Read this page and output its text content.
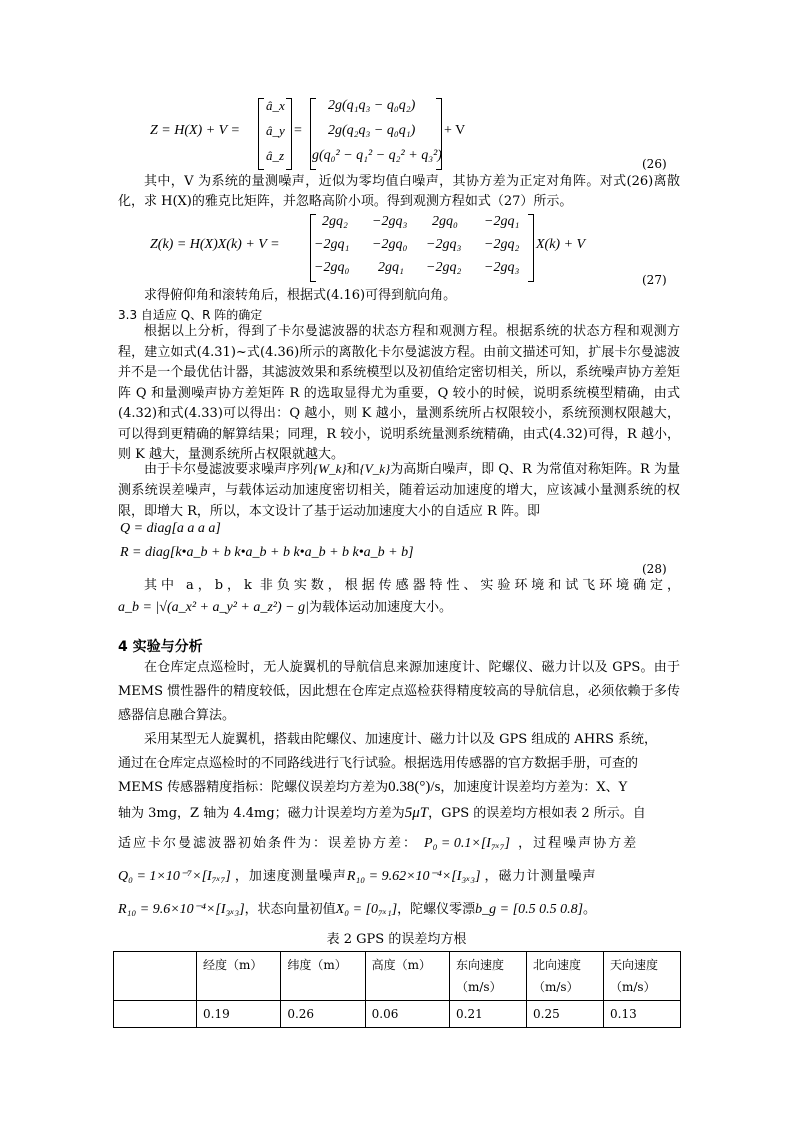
Z = H(X) + V =
â_x
â_y
â_z
=
2g(q₁q₃ − q₀q₂)
2g(q₂q₃ − q₀q₁)
g(q₀² − q₁² − q₂² + q₃²)
+ V
(26)
其中，V 为系统的量测噪声，近似为零均值白噪声，其协方差为正定对角阵。对式(26)离散化，求 H(X)的雅克比矩阵，并忽略高阶小项。得到观测方程如式（27）所示。
Z(k) = H(X)X(k) + V =
2gq₂ −2gq₃ 2gq₀ −2gq₁
−2gq₁ −2gq₀ −2gq₃ −2gq₂
−2gq₀ 2gq₁ −2gq₂ −2gq₃
X(k) + V
(27)
求得俯仰角和滚转角后，根据式(4.16)可得到航向角。
3.3 自适应 Q、R 阵的确定
根据以上分析，得到了卡尔曼滤波器的状态方程和观测方程。根据系统的状态方程和观测方程，建立如式(4.31)~式(4.36)所示的离散化卡尔曼滤波方程。由前文描述可知，扩展卡尔曼滤波并不是一个最优估计器，其滤波效果和系统模型以及初值给定密切相关，所以，系统噪声协方差矩阵 Q 和量测噪声协方差矩阵 R 的选取显得尤为重要，Q 较小的时候，说明系统模型精确，由式(4.32)和式(4.33)可以得出：Q 越小，则 K 越小，量测系统所占权限较小，系统预测权限越大，可以得到更精确的解算结果；同理，R 较小，说明系统量测系统精确，由式(4.32)可得，R 越小，则 K 越大，量测系统所占权限就越大。
由于卡尔曼滤波要求噪声序列{W_k}和{V_k}为高斯白噪声，即 Q、R 为常值对称矩阵。R 为量测系统误差噪声，与载体运动加速度密切相关，随着运动加速度的增大，应该减小量测系统的权限，即增大 R，所以，本文设计了基于运动加速度大小的自适应 R 阵。即
Q = diag[a a a a]
R = diag[k•a_b + b k•a_b + b k•a_b + b k•a_b + b]
(28)
其中 a，b，k 非负实数，根据传感器特性、实验环境和试飞环境确定，
a_b = |√(a_x² + a_y² + a_z²) − g|为载体运动加速度大小。
4 实验与分析
在仓库定点巡检时，无人旋翼机的导航信息来源加速度计、陀螺仪、磁力计以及 GPS。由于 MEMS 惯性器件的精度较低，因此想在仓库定点巡检获得精度较高的导航信息，必须依赖于多传感器信息融合算法。
采用某型无人旋翼机，搭载由陀螺仪、加速度计、磁力计以及 GPS 组成的 AHRS 系统，
通过在仓库定点巡检时的不同路线进行飞行试验。根据选用传感器的官方数据手册，可查的
MEMS 传感器精度指标：陀螺仪误差均方差为0.38(°)/s，加速度计误差均方差为：X、Y
轴为 3mg，Z 轴为 4.4mg；磁力计误差均方差为5μT，GPS 的误差均方根如表 2 所示。自
适应卡尔曼滤波器初始条件为：误差协方差： P₀ = 0.1×[I₇ₓ₇] ，过程噪声协方差
Q₀ = 1×10⁻⁷×[I₇ₓ₇] ，加速度测量噪声R₁₀ = 9.62×10⁻⁴×[I₃ₓ₃] ，磁力计测量噪声
R₁₀ = 9.6×10⁻⁴×[I₃ₓ₃]，状态向量初值X₀ = [0₇ₓ₁]，陀螺仪零漂b_g = [0.5 0.5 0.8]。
表 2 GPS 的误差均方根
	经度（m）	纬度（m）	高度（m）	东向速度（m/s）	北向速度（m/s）	天向速度（m/s）
	0.19	0.26	0.06	0.21	0.25	0.13
